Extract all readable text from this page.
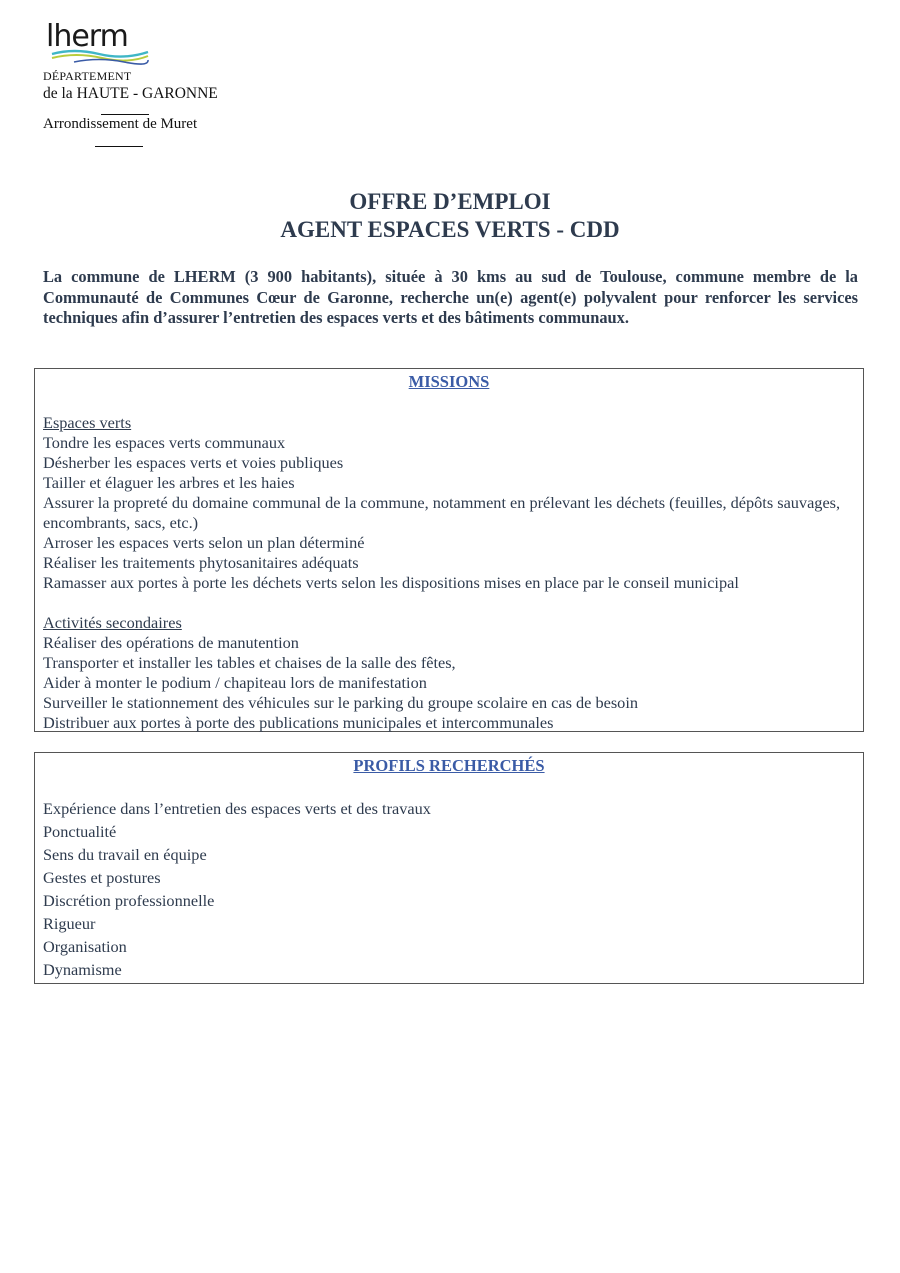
lherm
DÉPARTEMENT
de la HAUTE - GARONNE
Arrondissement de Muret
OFFRE D’EMPLOI
AGENT ESPACES VERTS - CDD
La commune de LHERM (3 900 habitants), située à 30 kms au sud de Toulouse, commune membre de la Communauté de Communes Cœur de Garonne, recherche un(e) agent(e) polyvalent pour renforcer les services techniques afin d’assurer l’entretien des espaces verts et des bâtiments communaux.
MISSIONS
Espaces verts
Tondre les espaces verts communaux
Désherber les espaces verts et voies publiques
Tailler et élaguer les arbres et les haies
Assurer la propreté du domaine communal de la commune, notamment en prélevant les déchets (feuilles, dépôts sauvages, encombrants, sacs, etc.)
Arroser les espaces verts selon un plan déterminé
Réaliser les traitements phytosanitaires adéquats
Ramasser aux portes à porte les déchets verts selon les dispositions mises en place par le conseil municipal
Activités secondaires
Réaliser des opérations de manutention
Transporter et installer les tables et chaises de la salle des fêtes,
Aider à monter le podium / chapiteau lors de manifestation
Surveiller le stationnement des véhicules sur le parking du groupe scolaire en cas de besoin
Distribuer aux portes à porte des publications municipales et intercommunales
PROFILS RECHERCHÉS
Expérience dans l’entretien des espaces verts et des travaux
Ponctualité
Sens du travail en équipe
Gestes et postures
Discrétion professionnelle
Rigueur
Organisation
Dynamisme
